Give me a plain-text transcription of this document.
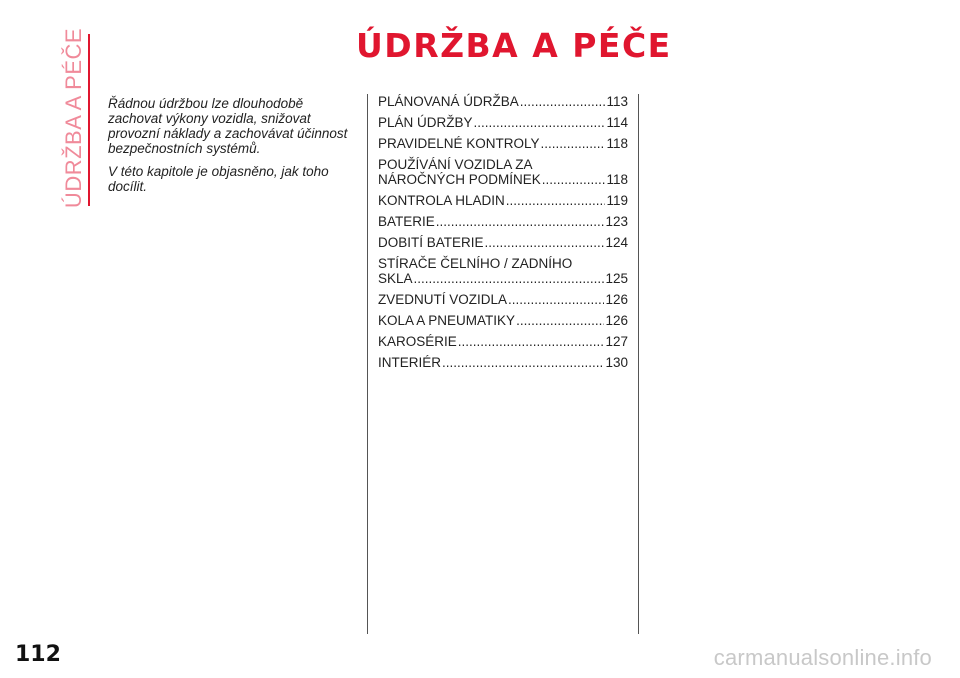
ÚDRŽBA A PÉČE	ÚDRŽBA A PÉČE

Řádnou údržbou lze dlouhodobě zachovat výkony vozidla, snižovat provozní náklady a zachovávat účinnost bezpečnostních systémů.

V této kapitole je objasněno, jak toho docílit.

PLÁNOVANÁ ÚDRŽBA .....	113
PLÁN ÚDRŽBY .....	114
PRAVIDELNÉ KONTROLY .....	118
POUŽÍVÁNÍ VOZIDLA ZA
NÁROČNÝCH PODMÍNEK .....	118
KONTROLA HLADIN .....	119
BATERIE .....	123
DOBITÍ BATERIE .....	124
STÍRAČE ČELNÍHO / ZADNÍHO
SKLA .....	125
ZVEDNUTÍ VOZIDLA .....	126
KOLA A PNEUMATIKY .....	126
KAROSÉRIE .....	127
INTERIÉR .....	130
112	carmanualsonline.info
